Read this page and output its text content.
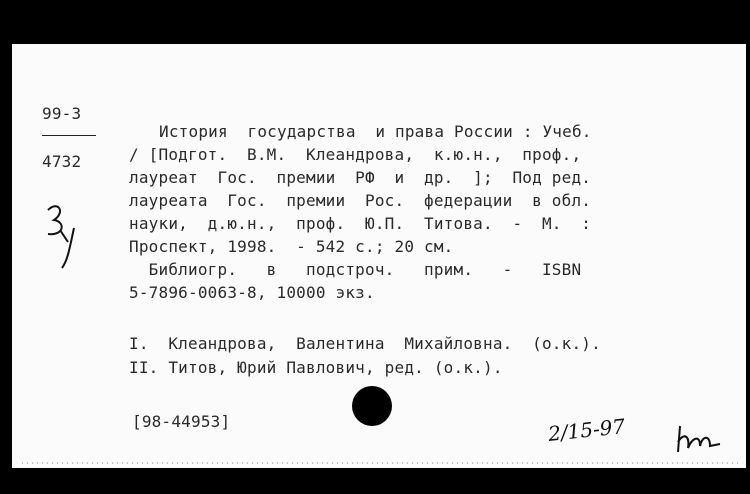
99-3
4732
История  государства  и права России : Учеб.
/ [Подгот.  В.М.  Клеандрова,  к.ю.н.,  проф.,
лауреат  Гос.  премии  РФ  и  др.  ];  Под ред.
лауреата  Гос.  премии  Рос.  федерации  в обл.
науки,  д.ю.н.,  проф.  Ю.П.  Титова.  -  М.  :
Проспект, 1998.  - 542 с.; 20 см.
Библиогр.   в   подстроч.   прим.   -   ISBN
5-7896-0063-8, 10000 экз.
I.  Клеандрова,  Валентина  Михайловна.  (о.к.).
II. Титов, Юрий Павлович, ред. (о.к.).
[98-44953]	2/15-97
